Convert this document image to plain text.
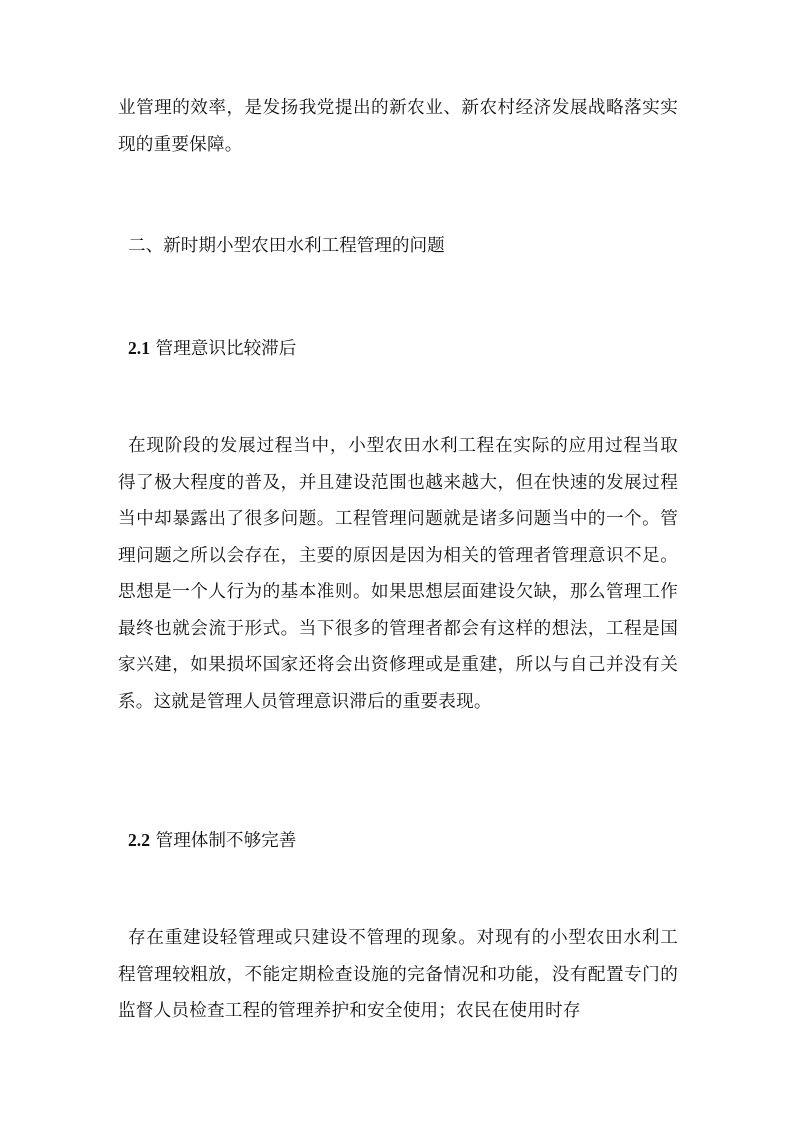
业管理的效率，是发扬我党提出的新农业、新农村经济发展战略落实实现的重要保障。

二、新时期小型农田水利工程管理的问题
2.1 管理意识比较滞后

在现阶段的发展过程当中，小型农田水利工程在实际的应用过程当取得了极大程度的普及，并且建设范围也越来越大，但在快速的发展过程当中却暴露出了很多问题。工程管理问题就是诸多问题当中的一个。管理问题之所以会存在，主要的原因是因为相关的管理者管理意识不足。思想是一个人行为的基本准则。如果思想层面建设欠缺，那么管理工作最终也就会流于形式。当下很多的管理者都会有这样的想法，工程是国家兴建，如果损坏国家还将会出资修理或是重建，所以与自己并没有关系。这就是管理人员管理意识滞后的重要表现。

2.2 管理体制不够完善

存在重建设轻管理或只建设不管理的现象。对现有的小型农田水利工程管理较粗放，不能定期检查设施的完备情况和功能，没有配置专门的监督人员检查工程的管理养护和安全使用；农民在使用时存
